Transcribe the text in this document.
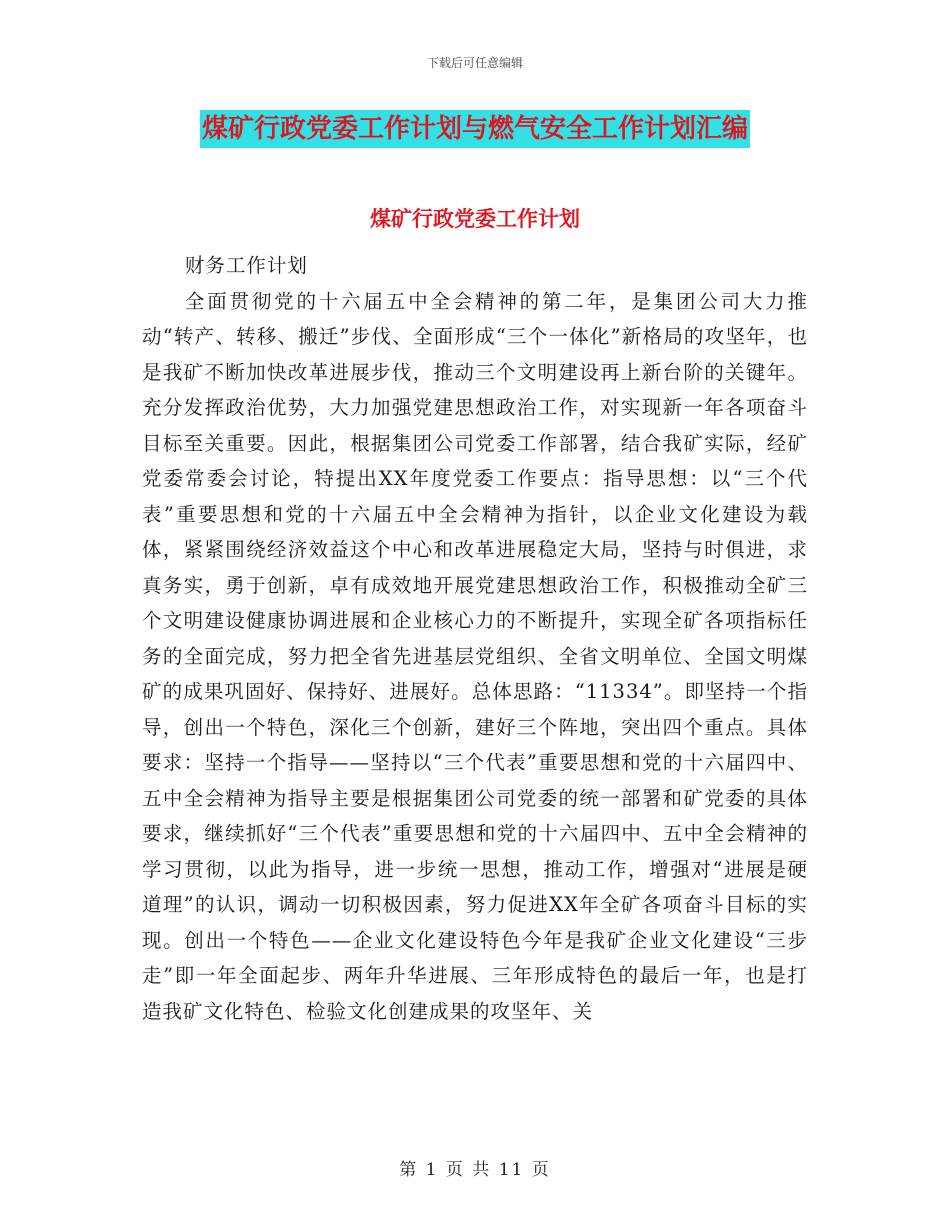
下载后可任意编辑
煤矿行政党委工作计划与燃气安全工作计划汇编
煤矿行政党委工作计划

财务工作计划

全面贯彻党的十六届五中全会精神的第二年，是集团公司大力推动“转产、转移、搬迁”步伐、全面形成“三个一体化”新格局的攻坚年，也是我矿不断加快改革进展步伐，推动三个文明建设再上新台阶的关键年。充分发挥政治优势，大力加强党建思想政治工作，对实现新一年各项奋斗目标至关重要。因此，根据集团公司党委工作部署，结合我矿实际，经矿党委常委会讨论，特提出XX年度党委工作要点：指导思想：以“三个代表”重要思想和党的十六届五中全会精神为指针，以企业文化建设为载体，紧紧围绕经济效益这个中心和改革进展稳定大局，坚持与时俱进，求真务实，勇于创新，卓有成效地开展党建思想政治工作，积极推动全矿三个文明建设健康协调进展和企业核心力的不断提升，实现全矿各项指标任务的全面完成，努力把全省先进基层党组织、全省文明单位、全国文明煤矿的成果巩固好、保持好、进展好。总体思路：“11334”。即坚持一个指导，创出一个特色，深化三个创新，建好三个阵地，突出四个重点。具体要求：坚持一个指导——坚持以“三个代表”重要思想和党的十六届四中、五中全会精神为指导主要是根据集团公司党委的统一部署和矿党委的具体要求，继续抓好“三个代表”重要思想和党的十六届四中、五中全会精神的学习贯彻，以此为指导，进一步统一思想，推动工作，增强对“进展是硬道理”的认识，调动一切积极因素，努力促进XX年全矿各项奋斗目标的实现。创出一个特色——企业文化建设特色今年是我矿企业文化建设“三步走”即一年全面起步、两年升华进展、三年形成特色的最后一年，也是打造我矿文化特色、检验文化创建成果的攻坚年、关

第 1 页 共 11 页
